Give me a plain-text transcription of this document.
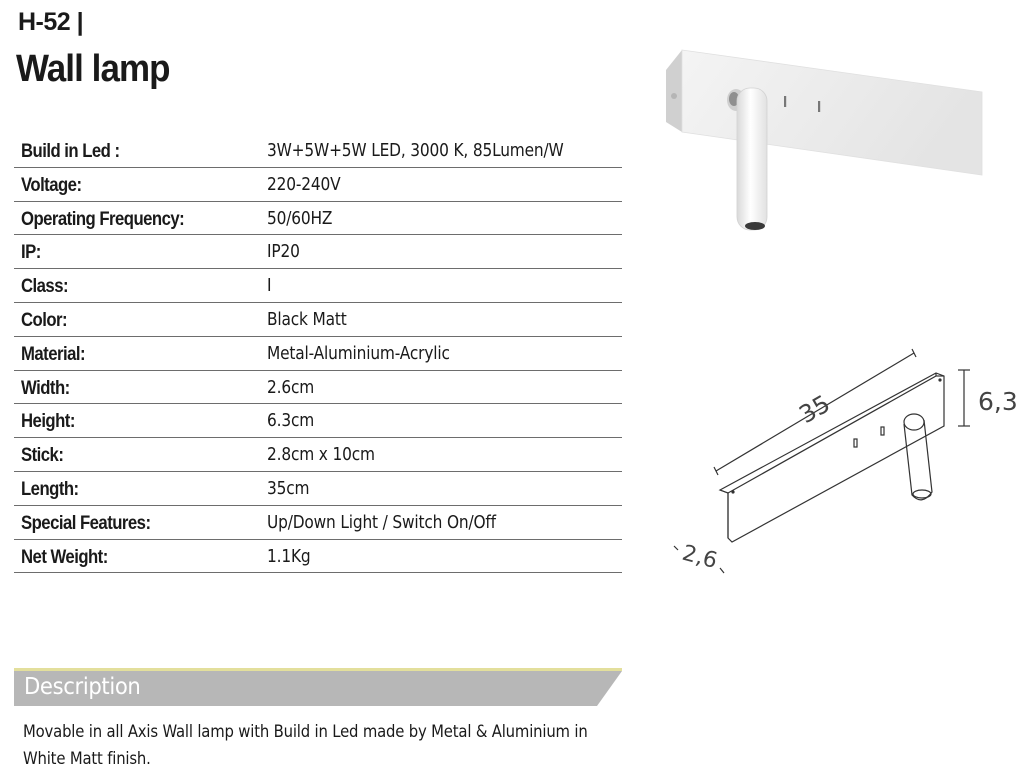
H-52 |
Wall lamp
Build in Led :	3W+5W+5W LED, 3000 K, 85Lumen/W
Voltage:	220-240V
Operating Frequency:	50/60HZ
IP:	IP20
Class:	I
Color:	Black Matt
Material:	Metal-Aluminium-Acrylic
Width:	2.6cm
Height:	6.3cm
Stick:	2.8cm x 10cm
Length:	35cm
Special Features:	Up/Down Light / Switch On/Off
Net Weight:	1.1Kg
35	6,3
2,6
Description
Movable in all Axis Wall lamp with Build in Led made by Metal & Aluminium in
White Matt finish.
